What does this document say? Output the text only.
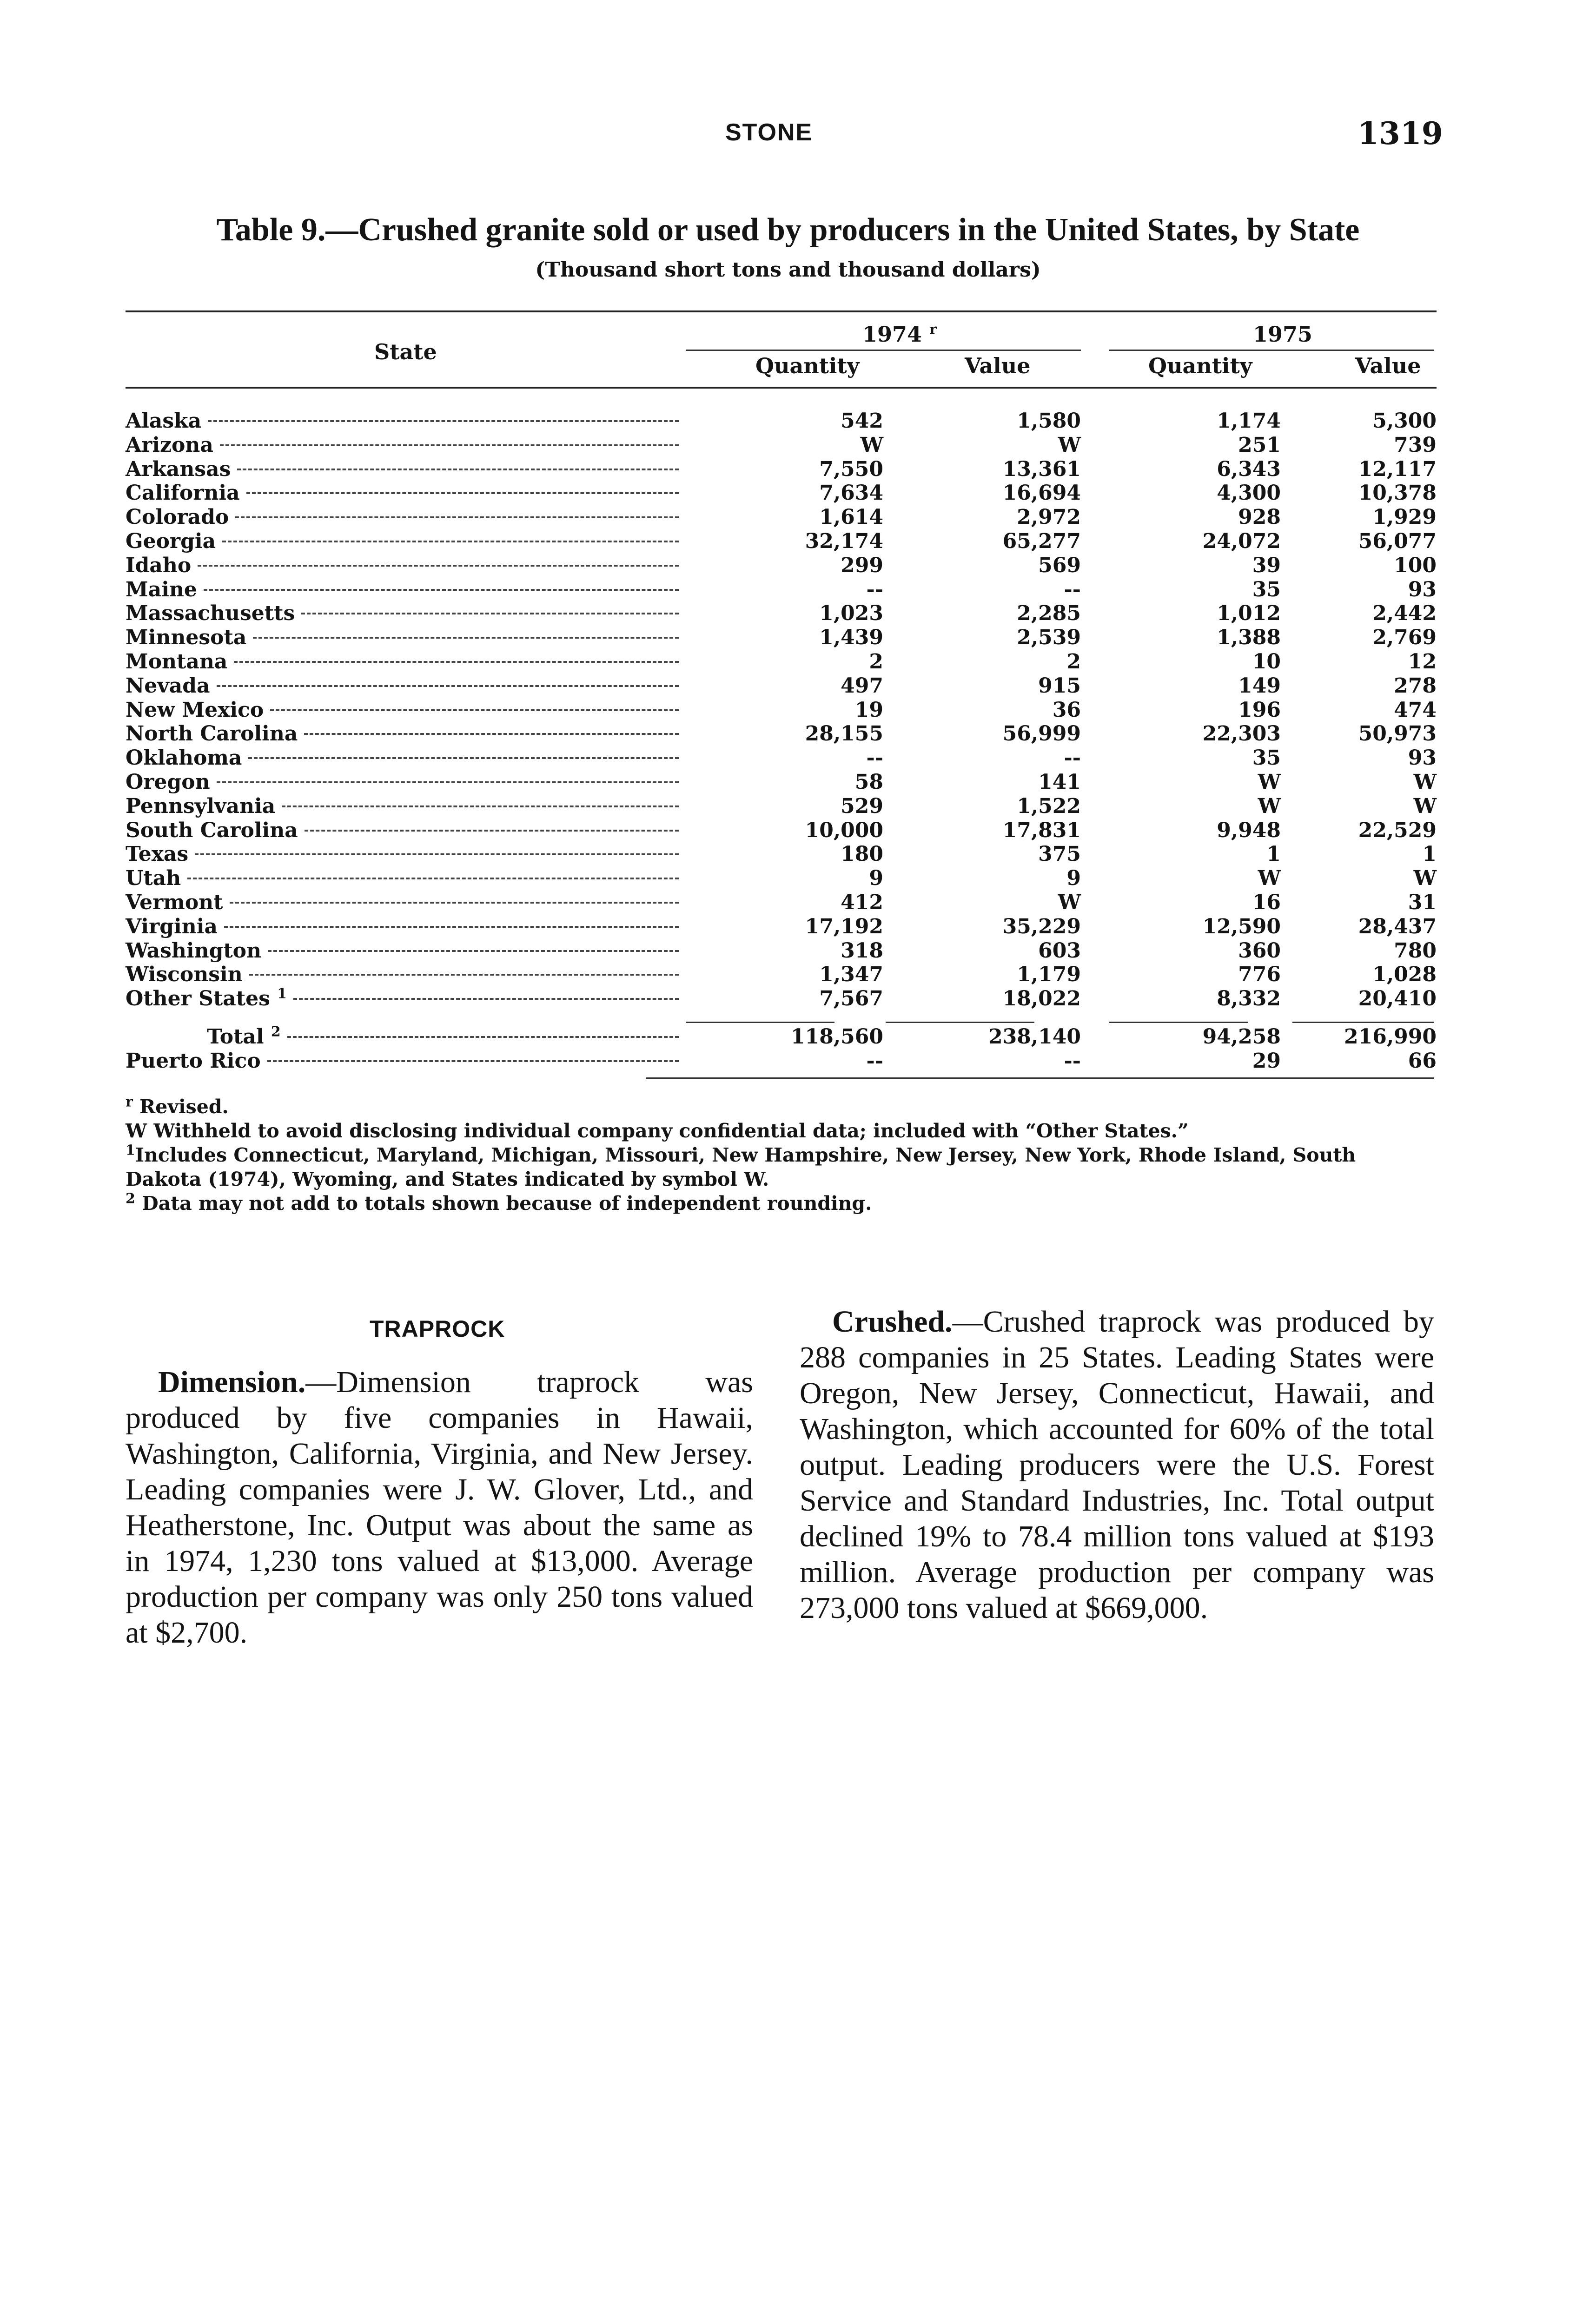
STONE	1319
Table 9.—Crushed granite sold or used by producers in the United States, by State
(Thousand short tons and thousand dollars)
State
1974 $^r$	1975
Quantity	Value	Quantity	Value
Alaska	542	1,580	1,174	5,300
Arizona	W	W	251	739
Arkansas	7,550	13,361	6,343	12,117
California	7,634	16,694	4,300	10,378
Colorado	1,614	2,972	928	1,929
Georgia	32,174	65,277	24,072	56,077
Idaho	299	569	39	100
Maine	--	--	35	93
Massachusetts	1,023	2,285	1,012	2,442
Minnesota	1,439	2,539	1,388	2,769
Montana	2	2	10	12
Nevada	497	915	149	278
New Mexico	19	36	196	474
North Carolina	28,155	56,999	22,303	50,973
Oklahoma	--	--	35	93
Oregon	58	141	W	W
Pennsylvania	529	1,522	W	W
South Carolina	10,000	17,831	9,948	22,529
Texas	180	375	1	1
Utah	9	9	W	W
Vermont	412	W	16	31
Virginia	17,192	35,229	12,590	28,437
Washington	318	603	360	780
Wisconsin	1,347	1,179	776	1,028
Other States $^1$	7,567	18,022	8,332	20,410
Total $^2$	118,560	238,140	94,258	216,990
Puerto Rico	--	--	29	66

$^r$ Revised.

W Withheld to avoid disclosing individual company confidential data; included with “Other States.”

$^1$Includes Connecticut, Maryland, Michigan, Missouri, New Hampshire, New Jersey, New York, Rhode Island, South Dakota (1974), Wyoming, and States indicated by symbol W.

$^2$ Data may not add to totals shown because of independent rounding.

TRAPROCK

Dimension.—Dimension traprock was produced by five companies in Hawaii, Washington, California, Virginia, and New Jersey. Leading companies were J. W. Glover, Ltd., and Heatherstone, Inc. Output was about the same as in 1974, 1,230 tons valued at $13,000. Average production per company was only 250 tons valued at $2,700.

Crushed.—Crushed traprock was produced by 288 companies in 25 States. Leading States were Oregon, New Jersey, Connecticut, Hawaii, and Washington, which accounted for 60% of the total output. Leading producers were the U.S. Forest Service and Standard Industries, Inc. Total output declined 19% to 78.4 million tons valued at $193 million. Average production per company was 273,000 tons valued at $669,000.
